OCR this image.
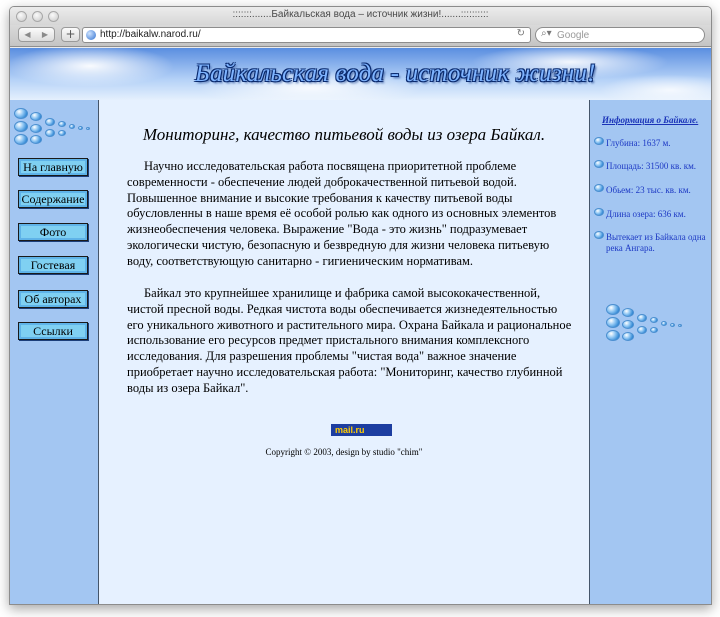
:::::::.......Байкальская вода – источник жизни!.......::::::::::
◀	▶	+	http://baikalw.narod.ru/	↻ ⌕▾ Google
Байкальская вода - источник жизни!
На главную
Содержание
Фото
Гостевая
Об авторах
Ссылки
Мониторинг, качество питьевой воды из озера Байкал.

Научно исследовательская работа посвящена приоритетной проблеме современности - обеспечение людей доброкачественной питьевой водой. Повышенное внимание и высокие требования к качеству питьевой воды обусловленны в наше время её особой ролью как одного из основных элементов жизнеобеспечения человека. Выражение "Вода - это жизнь" подразумевает экологически чистую, безопасную и безвредную для жизни человека питьевую воду, соответствующую санитарно - гигиеническим нормативам.

Байкал это крупнейшее хранилище и фабрика самой высококачественной, чистой пресной воды. Редкая чистота воды обеспечивается жизнедеятельностью его уникального животного и растительного мира. Охрана Байкала и рациональное использование его ресурсов предмет пристального внимания комплексного исследования. Для разрешения проблемы "чистая вода" важное значение приобретает научно исследовательская работа: "Мониторинг, качество глубинной воды из озера Байкал".

mail.ru
Copyright © 2003, design by studio "chim"
Информация о Байкале.
Глубина: 1637 м.
Площадь: 31500 кв. км.
Обьем: 23 тыс. кв. км.
Длина озера: 636 км.
Вытекает из Байкала одна река Ангара.
